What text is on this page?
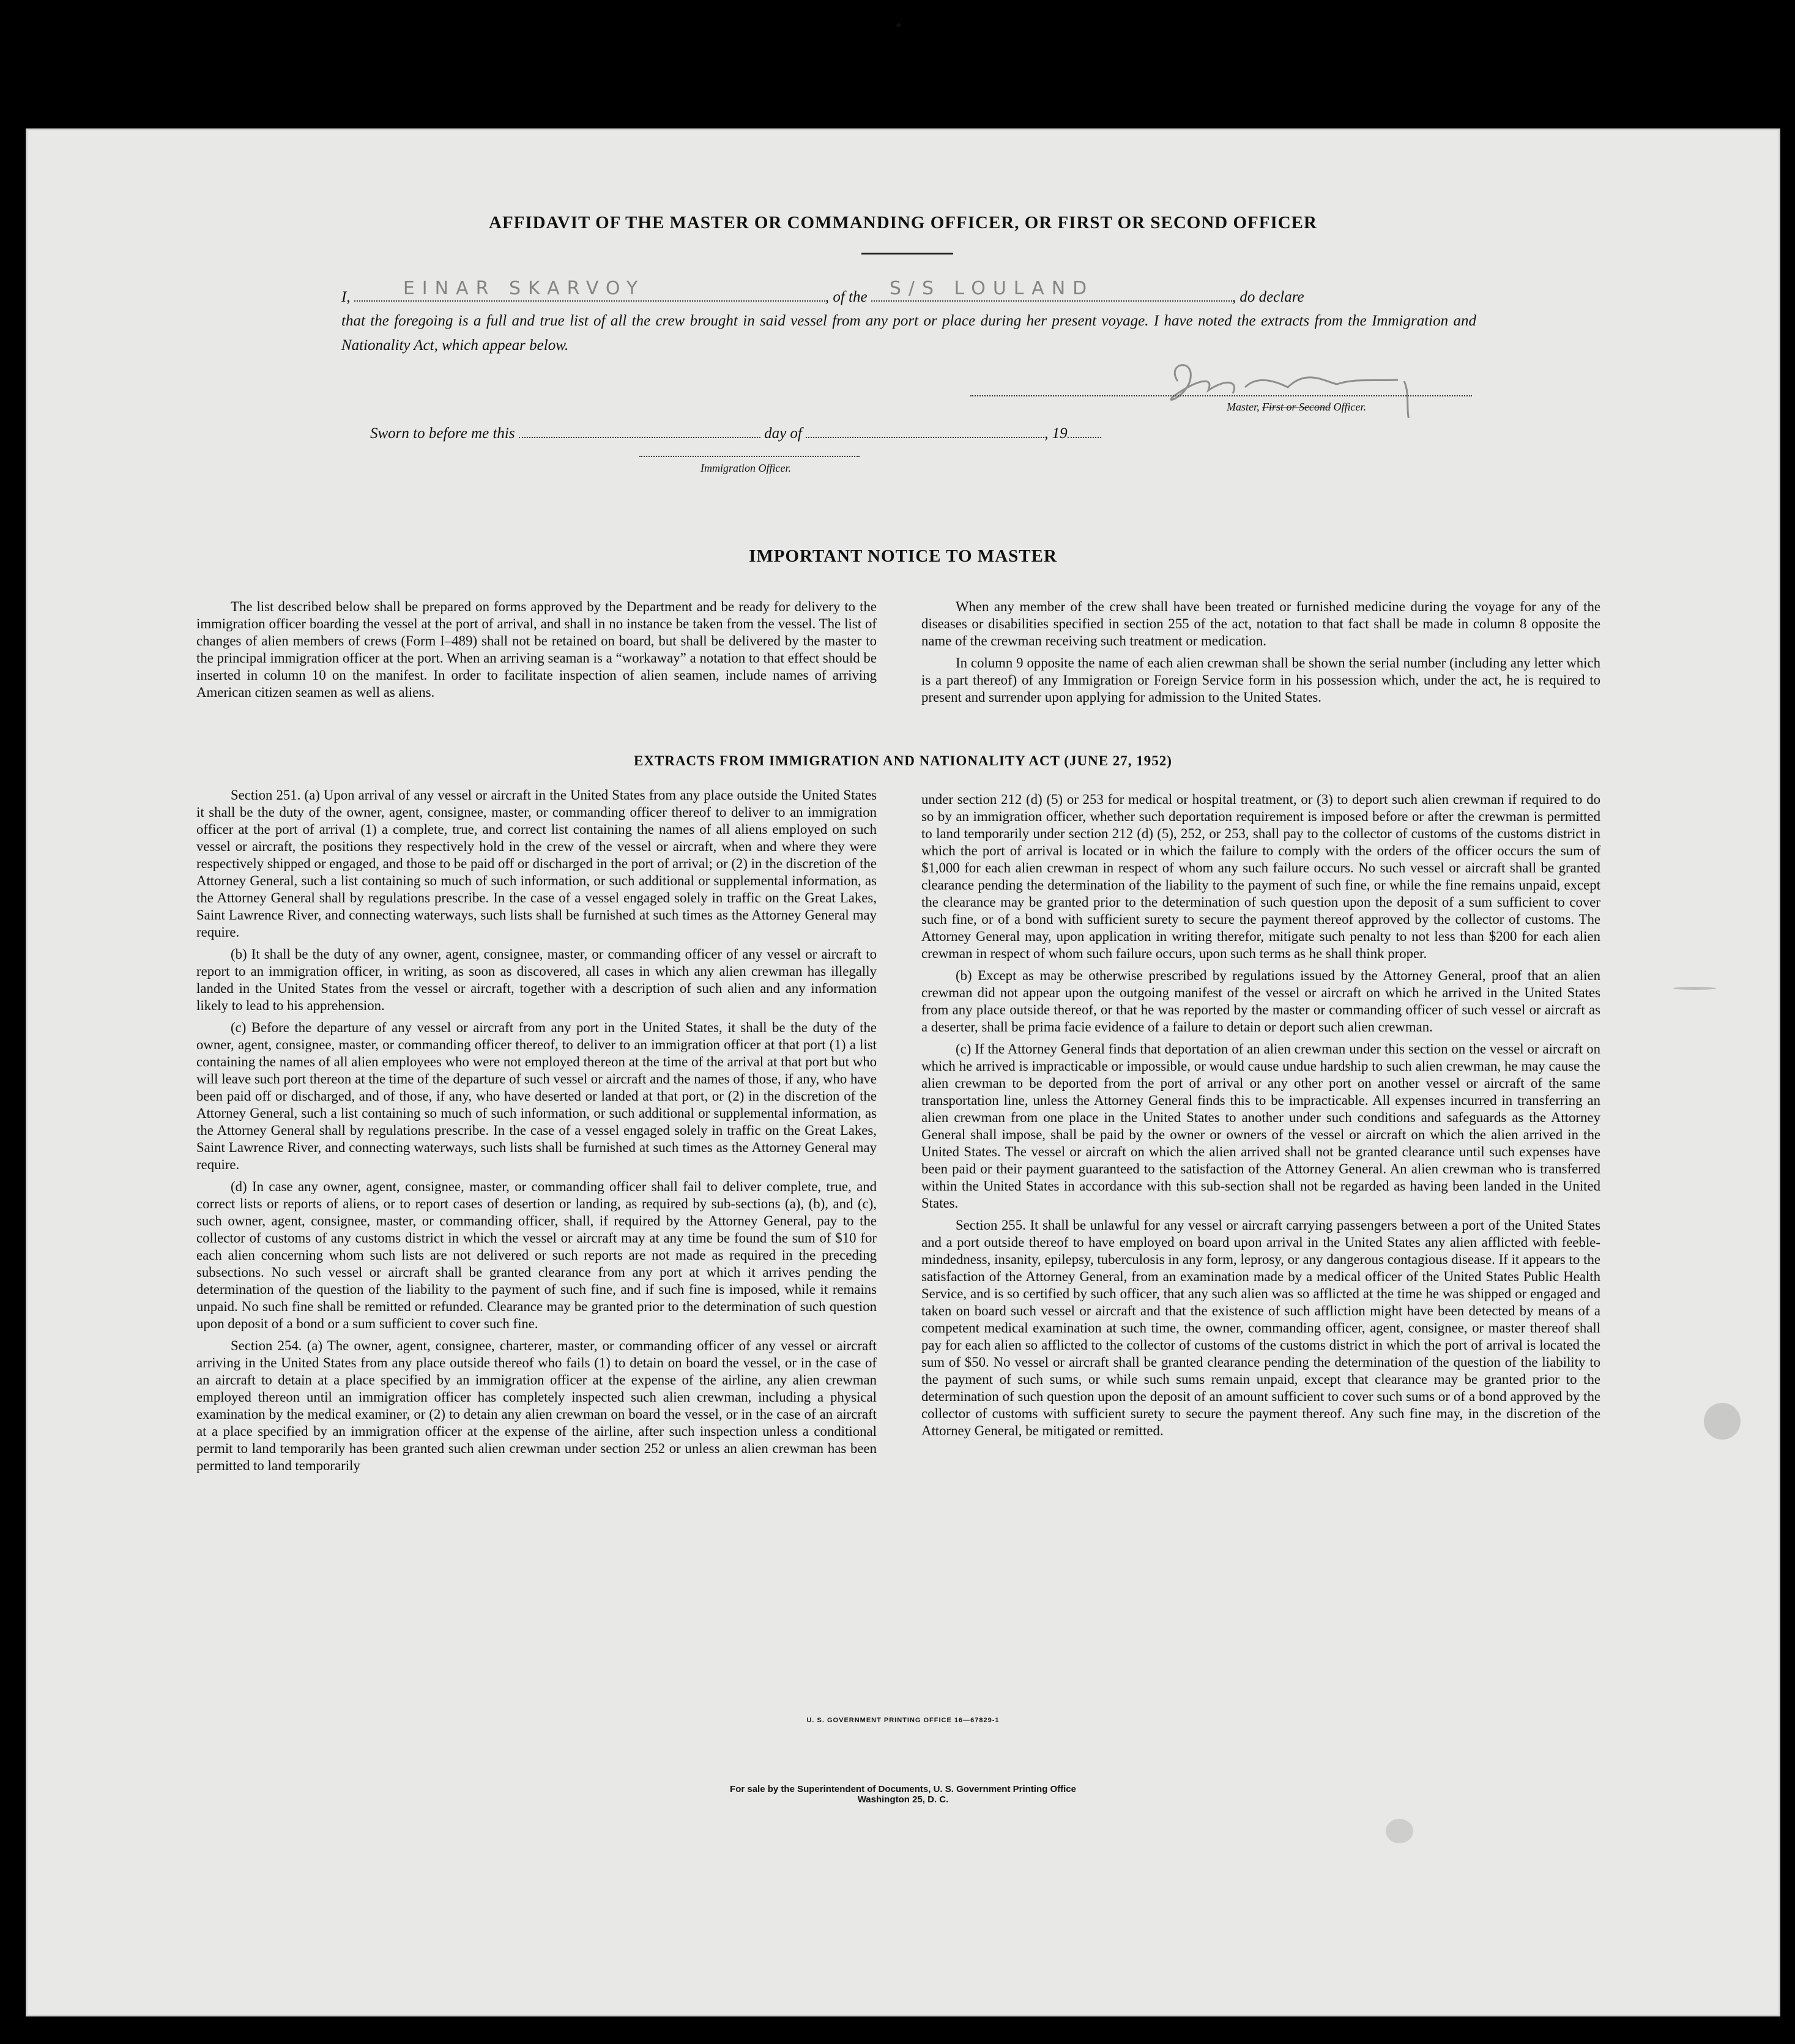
AFFIDAVIT OF THE MASTER OR COMMANDING OFFICER, OR FIRST OR SECOND OFFICER
I,	EINAR SKARVOY	, of the S/S LOULAND	, do declare
that the foregoing is a full and true list of all the crew brought in said vessel from any port or place during her present voyage. I have noted the extracts from the Immigration and Nationality Act, which appear below.
Master, First or Second Officer.
Sworn to before me this	day of	, 19
Immigration Officer.
IMPORTANT NOTICE TO MASTER

The list described below shall be prepared on forms approved by the Department and be ready for delivery to the immigration officer boarding the vessel at the port of arrival, and shall in no instance be taken from the vessel. The list of changes of alien members of crews (Form I–489) shall not be retained on board, but shall be delivered by the master to the principal immigration officer at the port. When an arriving seaman is a “workaway” a notation to that effect should be inserted in column 10 on the manifest. In order to facilitate inspection of alien seamen, include names of arriving American citizen seamen as well as aliens.

When any member of the crew shall have been treated or furnished medicine during the voyage for any of the diseases or disabilities specified in section 255 of the act, notation to that fact shall be made in column 8 opposite the name of the crewman receiving such treatment or medication.

In column 9 opposite the name of each alien crewman shall be shown the serial number (including any letter which is a part thereof) of any Immigration or Foreign Service form in his possession which, under the act, he is required to present and surrender upon applying for admission to the United States.

EXTRACTS FROM IMMIGRATION AND NATIONALITY ACT (JUNE 27, 1952)

Section 251. (a) Upon arrival of any vessel or aircraft in the United States from any place outside the United States it shall be the duty of the owner, agent, consignee, master, or commanding officer thereof to deliver to an immigration officer at the port of arrival (1) a complete, true, and correct list containing the names of all aliens employed on such vessel or aircraft, the positions they respectively hold in the crew of the vessel or aircraft, when and where they were respectively shipped or engaged, and those to be paid off or discharged in the port of arrival; or (2) in the discretion of the Attorney General, such a list containing so much of such information, or such additional or supplemental information, as the Attorney General shall by regulations prescribe. In the case of a vessel engaged solely in traffic on the Great Lakes, Saint Lawrence River, and connecting waterways, such lists shall be furnished at such times as the Attorney General may require.

(b) It shall be the duty of any owner, agent, consignee, master, or commanding officer of any vessel or aircraft to report to an immigration officer, in writing, as soon as discovered, all cases in which any alien crewman has illegally landed in the United States from the vessel or aircraft, together with a description of such alien and any information likely to lead to his apprehension.

(c) Before the departure of any vessel or aircraft from any port in the United States, it shall be the duty of the owner, agent, consignee, master, or commanding officer thereof, to deliver to an immigration officer at that port (1) a list containing the names of all alien employees who were not employed thereon at the time of the arrival at that port but who will leave such port thereon at the time of the departure of such vessel or aircraft and the names of those, if any, who have been paid off or discharged, and of those, if any, who have deserted or landed at that port, or (2) in the discretion of the Attorney General, such a list containing so much of such information, or such additional or supplemental information, as the Attorney General shall by regulations prescribe. In the case of a vessel engaged solely in traffic on the Great Lakes, Saint Lawrence River, and connecting waterways, such lists shall be furnished at such times as the Attorney General may require.

(d) In case any owner, agent, consignee, master, or commanding officer shall fail to deliver complete, true, and correct lists or reports of aliens, or to report cases of desertion or landing, as required by sub-sections (a), (b), and (c), such owner, agent, consignee, master, or commanding officer, shall, if required by the Attorney General, pay to the collector of customs of any customs district in which the vessel or aircraft may at any time be found the sum of $10 for each alien concerning whom such lists are not delivered or such reports are not made as required in the preceding subsections. No such vessel or aircraft shall be granted clearance from any port at which it arrives pending the determination of the question of the liability to the payment of such fine, and if such fine is imposed, while it remains unpaid. No such fine shall be remitted or refunded. Clearance may be granted prior to the determination of such question upon deposit of a bond or a sum sufficient to cover such fine.

Section 254. (a) The owner, agent, consignee, charterer, master, or commanding officer of any vessel or aircraft arriving in the United States from any place outside thereof who fails (1) to detain on board the vessel, or in the case of an aircraft to detain at a place specified by an immigration officer at the expense of the airline, any alien crewman employed thereon until an immigration officer has completely inspected such alien crewman, including a physical examination by the medical examiner, or (2) to detain any alien crewman on board the vessel, or in the case of an aircraft at a place specified by an immigration officer at the expense of the airline, after such inspection unless a conditional permit to land temporarily has been granted such alien crewman under section 252 or unless an alien crewman has been permitted to land temporarily

under section 212 (d) (5) or 253 for medical or hospital treatment, or (3) to deport such alien crewman if required to do so by an immigration officer, whether such deportation requirement is imposed before or after the crewman is permitted to land temporarily under section 212 (d) (5), 252, or 253, shall pay to the collector of customs of the customs district in which the port of arrival is located or in which the failure to comply with the orders of the officer occurs the sum of $1,000 for each alien crewman in respect of whom any such failure occurs. No such vessel or aircraft shall be granted clearance pending the determination of the liability to the payment of such fine, or while the fine remains unpaid, except the clearance may be granted prior to the determination of such question upon the deposit of a sum sufficient to cover such fine, or of a bond with sufficient surety to secure the payment thereof approved by the collector of customs. The Attorney General may, upon application in writing therefor, mitigate such penalty to not less than $200 for each alien crewman in respect of whom such failure occurs, upon such terms as he shall think proper.

(b) Except as may be otherwise prescribed by regulations issued by the Attorney General, proof that an alien crewman did not appear upon the outgoing manifest of the vessel or aircraft on which he arrived in the United States from any place outside thereof, or that he was reported by the master or commanding officer of such vessel or aircraft as a deserter, shall be prima facie evidence of a failure to detain or deport such alien crewman.

(c) If the Attorney General finds that deportation of an alien crewman under this section on the vessel or aircraft on which he arrived is impracticable or impossible, or would cause undue hardship to such alien crewman, he may cause the alien crewman to be deported from the port of arrival or any other port on another vessel or aircraft of the same transportation line, unless the Attorney General finds this to be impracticable. All expenses incurred in transferring an alien crewman from one place in the United States to another under such conditions and safeguards as the Attorney General shall impose, shall be paid by the owner or owners of the vessel or aircraft on which the alien arrived in the United States. The vessel or aircraft on which the alien arrived shall not be granted clearance until such expenses have been paid or their payment guaranteed to the satisfaction of the Attorney General. An alien crewman who is transferred within the United States in accordance with this sub-section shall not be regarded as having been landed in the United States.

Section 255. It shall be unlawful for any vessel or aircraft carrying passengers between a port of the United States and a port outside thereof to have employed on board upon arrival in the United States any alien afflicted with feeble-mindedness, insanity, epilepsy, tuberculosis in any form, leprosy, or any dangerous contagious disease. If it appears to the satisfaction of the Attorney General, from an examination made by a medical officer of the United States Public Health Service, and is so certified by such officer, that any such alien was so afflicted at the time he was shipped or engaged and taken on board such vessel or aircraft and that the existence of such affliction might have been detected by means of a competent medical examination at such time, the owner, commanding officer, agent, consignee, or master thereof shall pay for each alien so afflicted to the collector of customs of the customs district in which the port of arrival is located the sum of $50. No vessel or aircraft shall be granted clearance pending the determination of the question of the liability to the payment of such sums, or while such sums remain unpaid, except that clearance may be granted prior to the determination of such question upon the deposit of an amount sufficient to cover such sums or of a bond approved by the collector of customs with sufficient surety to secure the payment thereof. Any such fine may, in the discretion of the Attorney General, be mitigated or remitted.

U. S. GOVERNMENT PRINTING OFFICE 16—67829-1
For sale by the Superintendent of Documents, U. S. Government Printing Office
Washington 25, D. C.
